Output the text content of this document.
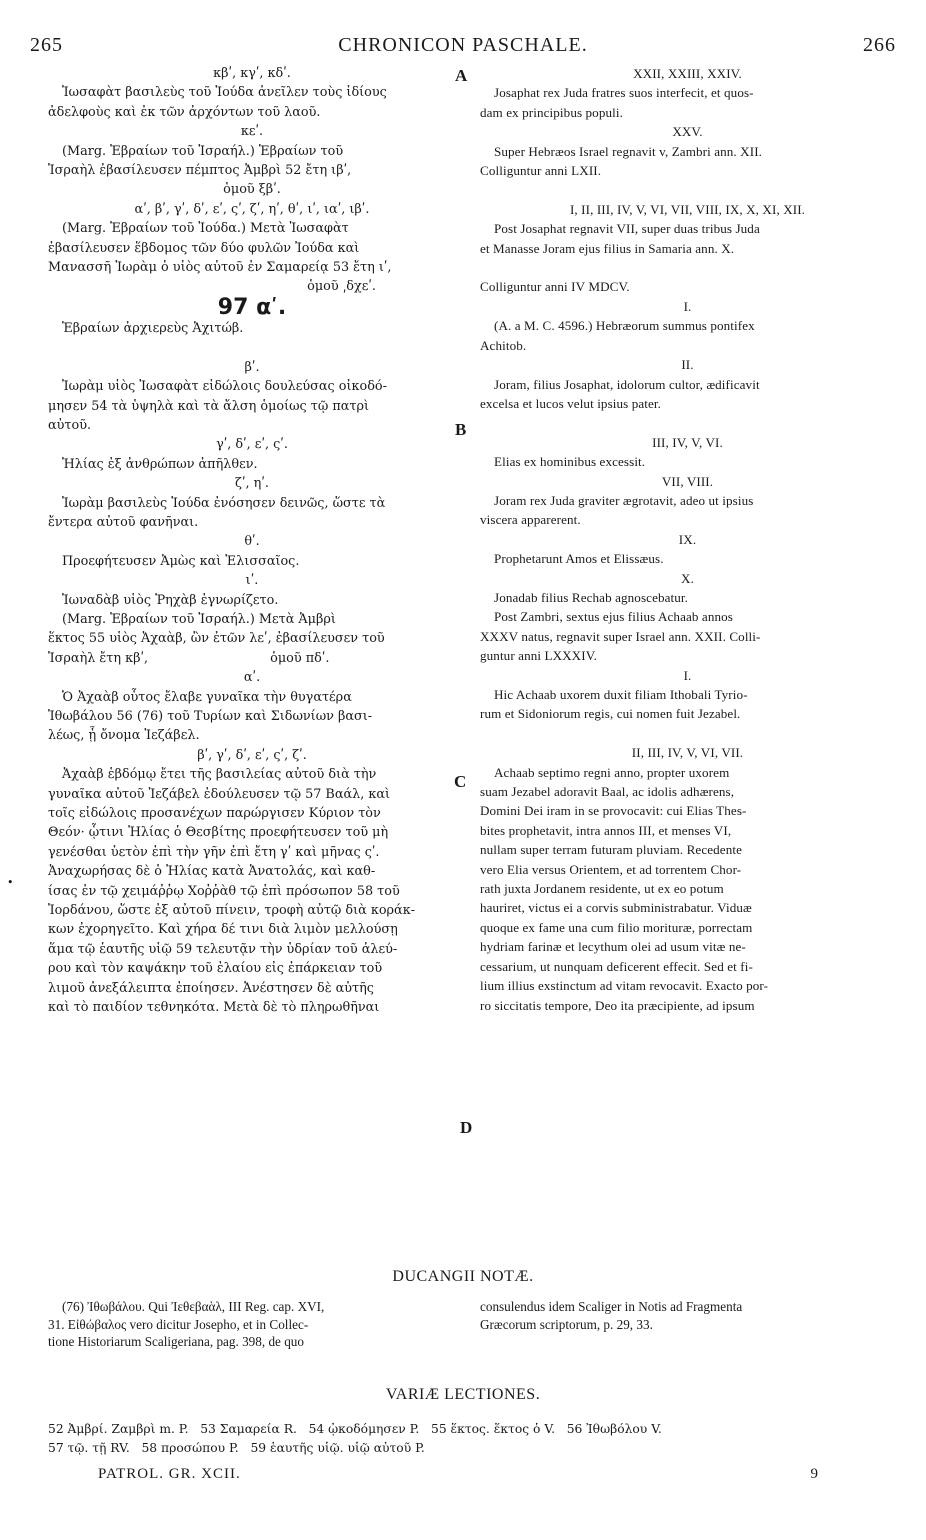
265	CHRONICON PASCHALE.	266
A
B
C
D
•

κβʹ, κγʹ, κδʹ.

Ἰωσαφὰτ βασιλεὺς τοῦ Ἰούδα ἀνεῖλεν τοὺς ἰδίους

ἀδελφοὺς καὶ ἐκ τῶν ἀρχόντων τοῦ λαοῦ.

κεʹ.

(Marg. Ἑβραίων τοῦ Ἰσραήλ.) Ἑβραίων τοῦ

Ἰσραὴλ ἐβασίλευσεν πέμπτος Ἀμβρὶ 52 ἔτη ιβʹ,

ὁμοῦ ξβʹ.

αʹ, βʹ, γʹ, δʹ, εʹ, ςʹ, ζʹ, ηʹ, θʹ, ιʹ, ιαʹ, ιβʹ.

(Marg. Ἑβραίων τοῦ Ἰούδα.) Μετὰ Ἰωσαφὰτ

ἐβασίλευσεν ἕβδομος τῶν δύο φυλῶν Ἰούδα καὶ

Μανασσῆ Ἰωρὰμ ὁ υἱὸς αὐτοῦ ἐν Σαμαρείᾳ 53 ἔτη ιʹ,

ὁμοῦ ͵δχεʹ.

97 αʹ.

Ἑβραίων ἀρχιερεὺς Ἀχιτώβ.

βʹ.

Ἰωρὰμ υἱὸς Ἰωσαφὰτ εἰδώλοις δουλεύσας οἰκοδό-

μησεν 54 τὰ ὑψηλὰ καὶ τὰ ἄλση ὁμοίως τῷ πατρὶ

αὐτοῦ.

γʹ, δʹ, εʹ, ςʹ.

Ἠλίας ἐξ ἀνθρώπων ἀπῆλθεν.

ζʹ, ηʹ.

Ἰωρὰμ βασιλεὺς Ἰούδα ἐνόσησεν δεινῶς, ὥστε τὰ

ἔντερα αὐτοῦ φανῆναι.

θʹ.

Προεφήτευσεν Ἀμὼς καὶ Ἐλισσαῖος.

ιʹ.

Ἰωναδὰβ υἱὸς Ῥηχὰβ ἐγνωρίζετο.

(Marg. Ἑβραίων τοῦ Ἰσραήλ.) Μετὰ Ἀμβρὶ

ἕκτος 55 υἱὸς Ἀχαὰβ, ὢν ἐτῶν λεʹ, ἐβασίλευσεν τοῦ

Ἰσραὴλ ἔτη κβʹ,                              ὁμοῦ πδʹ.

αʹ.

Ὁ Ἀχαὰβ οὗτος ἔλαβε γυναῖκα τὴν θυγατέρα

Ἰθωβάλου 56 (76) τοῦ Τυρίων καὶ Σιδωνίων βασι-

λέως, ᾗ ὄνομα Ἰεζάβελ.

βʹ, γʹ, δʹ, εʹ, ςʹ, ζʹ.

Ἀχαὰβ ἑβδόμῳ ἔτει τῆς βασιλείας αὐτοῦ διὰ τὴν

γυναῖκα αὐτοῦ Ἰεζάβελ ἐδούλευσεν τῷ 57 Βαάλ, καὶ

τοῖς εἰδώλοις προσανέχων παρώργισεν Κύριον τὸν

Θεόν· ᾧτινι Ἠλίας ὁ Θεσβίτης προεφήτευσεν τοῦ μὴ

γενέσθαι ὑετὸν ἐπὶ τὴν γῆν ἐπὶ ἔτη γʹ καὶ μῆνας ςʹ.

Ἀναχωρήσας δὲ ὁ Ἠλίας κατὰ Ἀνατολάς, καὶ καθ-

ίσας ἐν τῷ χειμάῤῥῳ Χοῤῥὰθ τῷ ἐπὶ πρόσωπον 58 τοῦ

Ἰορδάνου, ὥστε ἐξ αὐτοῦ πίνειν, τροφὴ αὐτῷ διὰ κοράκ-

κων ἐχορηγεῖτο. Καὶ χήρα δέ τινι διὰ λιμὸν μελλούσῃ

ἅμα τῷ ἑαυτῆς υἱῷ 59 τελευτᾷν τὴν ὑδρίαν τοῦ ἀλεύ-

ρου καὶ τὸν καψάκην τοῦ ἐλαίου εἰς ἐπάρκειαν τοῦ

λιμοῦ ἀνεξάλειπτα ἐποίησεν. Ἀνέστησεν δὲ αὐτῆς

καὶ τὸ παιδίον τεθνηκότα. Μετὰ δὲ τὸ πληρωθῆναι

XXII, XXIII, XXIV.

Josaphat rex Juda fratres suos interfecit, et quos-

dam ex principibus populi.

XXV.

Super Hebræos Israel regnavit v, Zambri ann. XII.

Colliguntur anni LXII.

I, II, III, IV, V, VI, VII, VIII, IX, X, XI, XII.

Post Josaphat regnavit VII, super duas tribus Juda

et Manasse Joram ejus filius in Samaria ann. X.

Colliguntur anni IV MDCV.

I.

(A. a M. C. 4596.) Hebræorum summus pontifex

Achitob.

II.

Joram, filius Josaphat, idolorum cultor, ædificavit

excelsa et lucos velut ipsius pater.

III, IV, V, VI.

Elias ex hominibus excessit.

VII, VIII.

Joram rex Juda graviter ægrotavit, adeo ut ipsius

viscera apparerent.

IX.

Prophetarunt Amos et Elissæus.

X.

Jonadab filius Rechab agnoscebatur.

Post Zambri, sextus ejus filius Achaab annos

XXXV natus, regnavit super Israel ann. XXII. Colli-

guntur anni LXXXIV.

I.

Hic Achaab uxorem duxit filiam Ithobali Tyrio-

rum et Sidoniorum regis, cui nomen fuit Jezabel.

II, III, IV, V, VI, VII.

Achaab septimo regni anno, propter uxorem

suam Jezabel adoravit Baal, ac idolis adhærens,

Domini Dei iram in se provocavit: cui Elias Thes-

bites prophetavit, intra annos III, et menses VI,

nullam super terram futuram pluviam. Recedente

vero Elia versus Orientem, et ad torrentem Chor-

rath juxta Jordanem residente, ut ex eo potum

hauriret, victus ei a corvis subministrabatur. Viduæ

quoque ex fame una cum filio morituræ, porrectam

hydriam farinæ et lecythum olei ad usum vitæ ne-

cessarium, ut nunquam deficerent effecit. Sed et fi-

lium illius exstinctum ad vitam revocavit. Exacto por-

ro siccitatis tempore, Deo ita præcipiente, ad ipsum

DUCANGII NOTÆ.
(76) Ἰθωβάλου. Qui Ἰεθεβαὰλ, III Reg. cap. XVI,
31. Εἰθώβαλος vero dicitur Josepho, et in Collec-
tione Historiarum Scaligeriana, pag. 398, de quo
consulendus idem Scaliger in Notis ad Fragmenta
Græcorum scriptorum, p. 29, 33.
VARIÆ LECTIONES.
52 Ἀμβρί. Ζαμβρὶ m. P.   53 Σαμαρεία R.   54 ᾠκοδόμησεν P.   55 ἕκτος. ἕκτος ὁ V.   56 Ἰθωβόλου V.
57 τῷ. τῇ RV.   58 προσώπου P.   59 ἑαυτῆς υἱῷ. υἱῷ αὐτοῦ P.
PATROL. GR. XCII.	9
